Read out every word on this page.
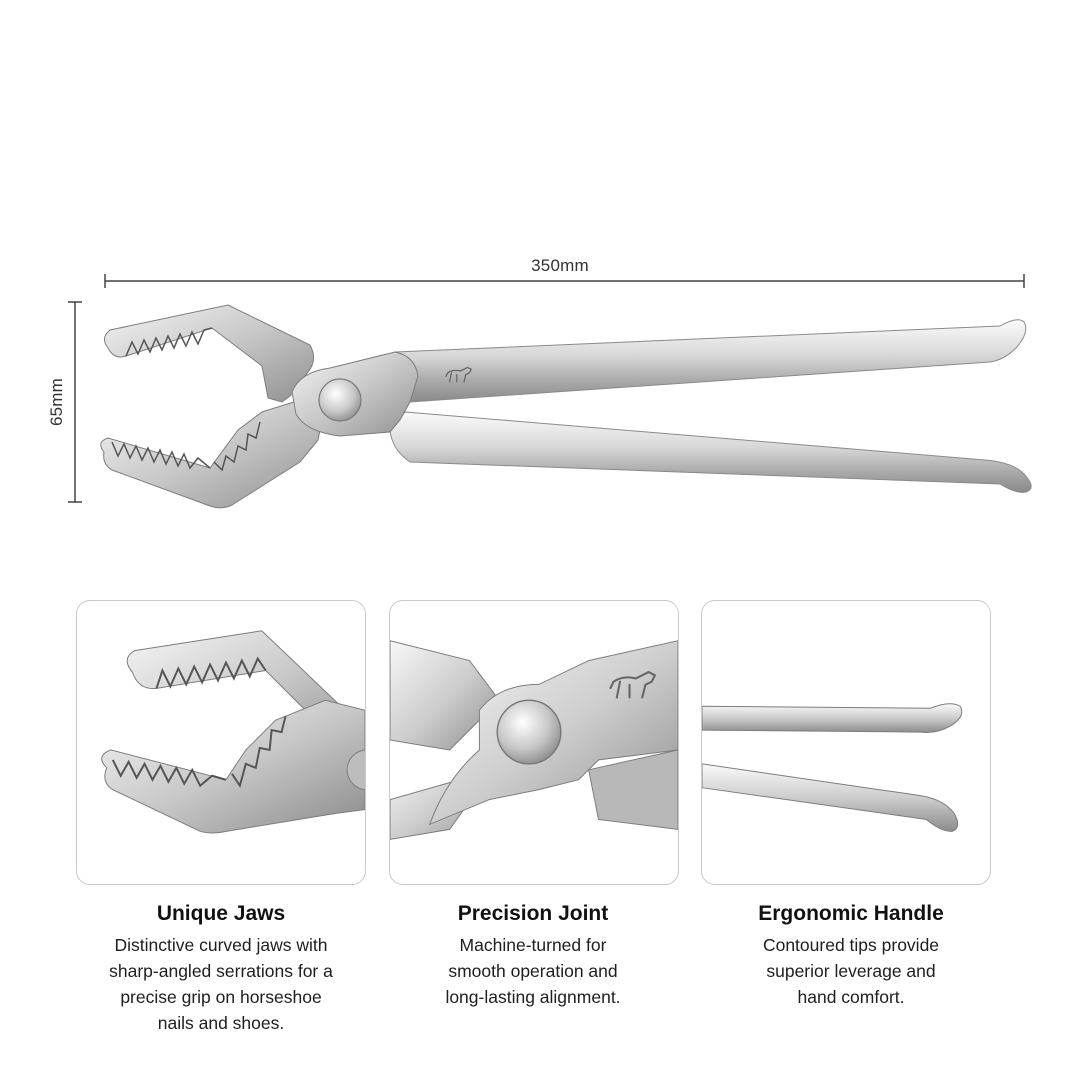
350mm
65mm
Unique Jaws

Distinctive curved jaws with
sharp-angled serrations for a
precise grip on horseshoe
nails and shoes.

Precision Joint

Machine-turned for
smooth operation and
long-lasting alignment.

Ergonomic Handle

Contoured tips provide
superior leverage and
hand comfort.
